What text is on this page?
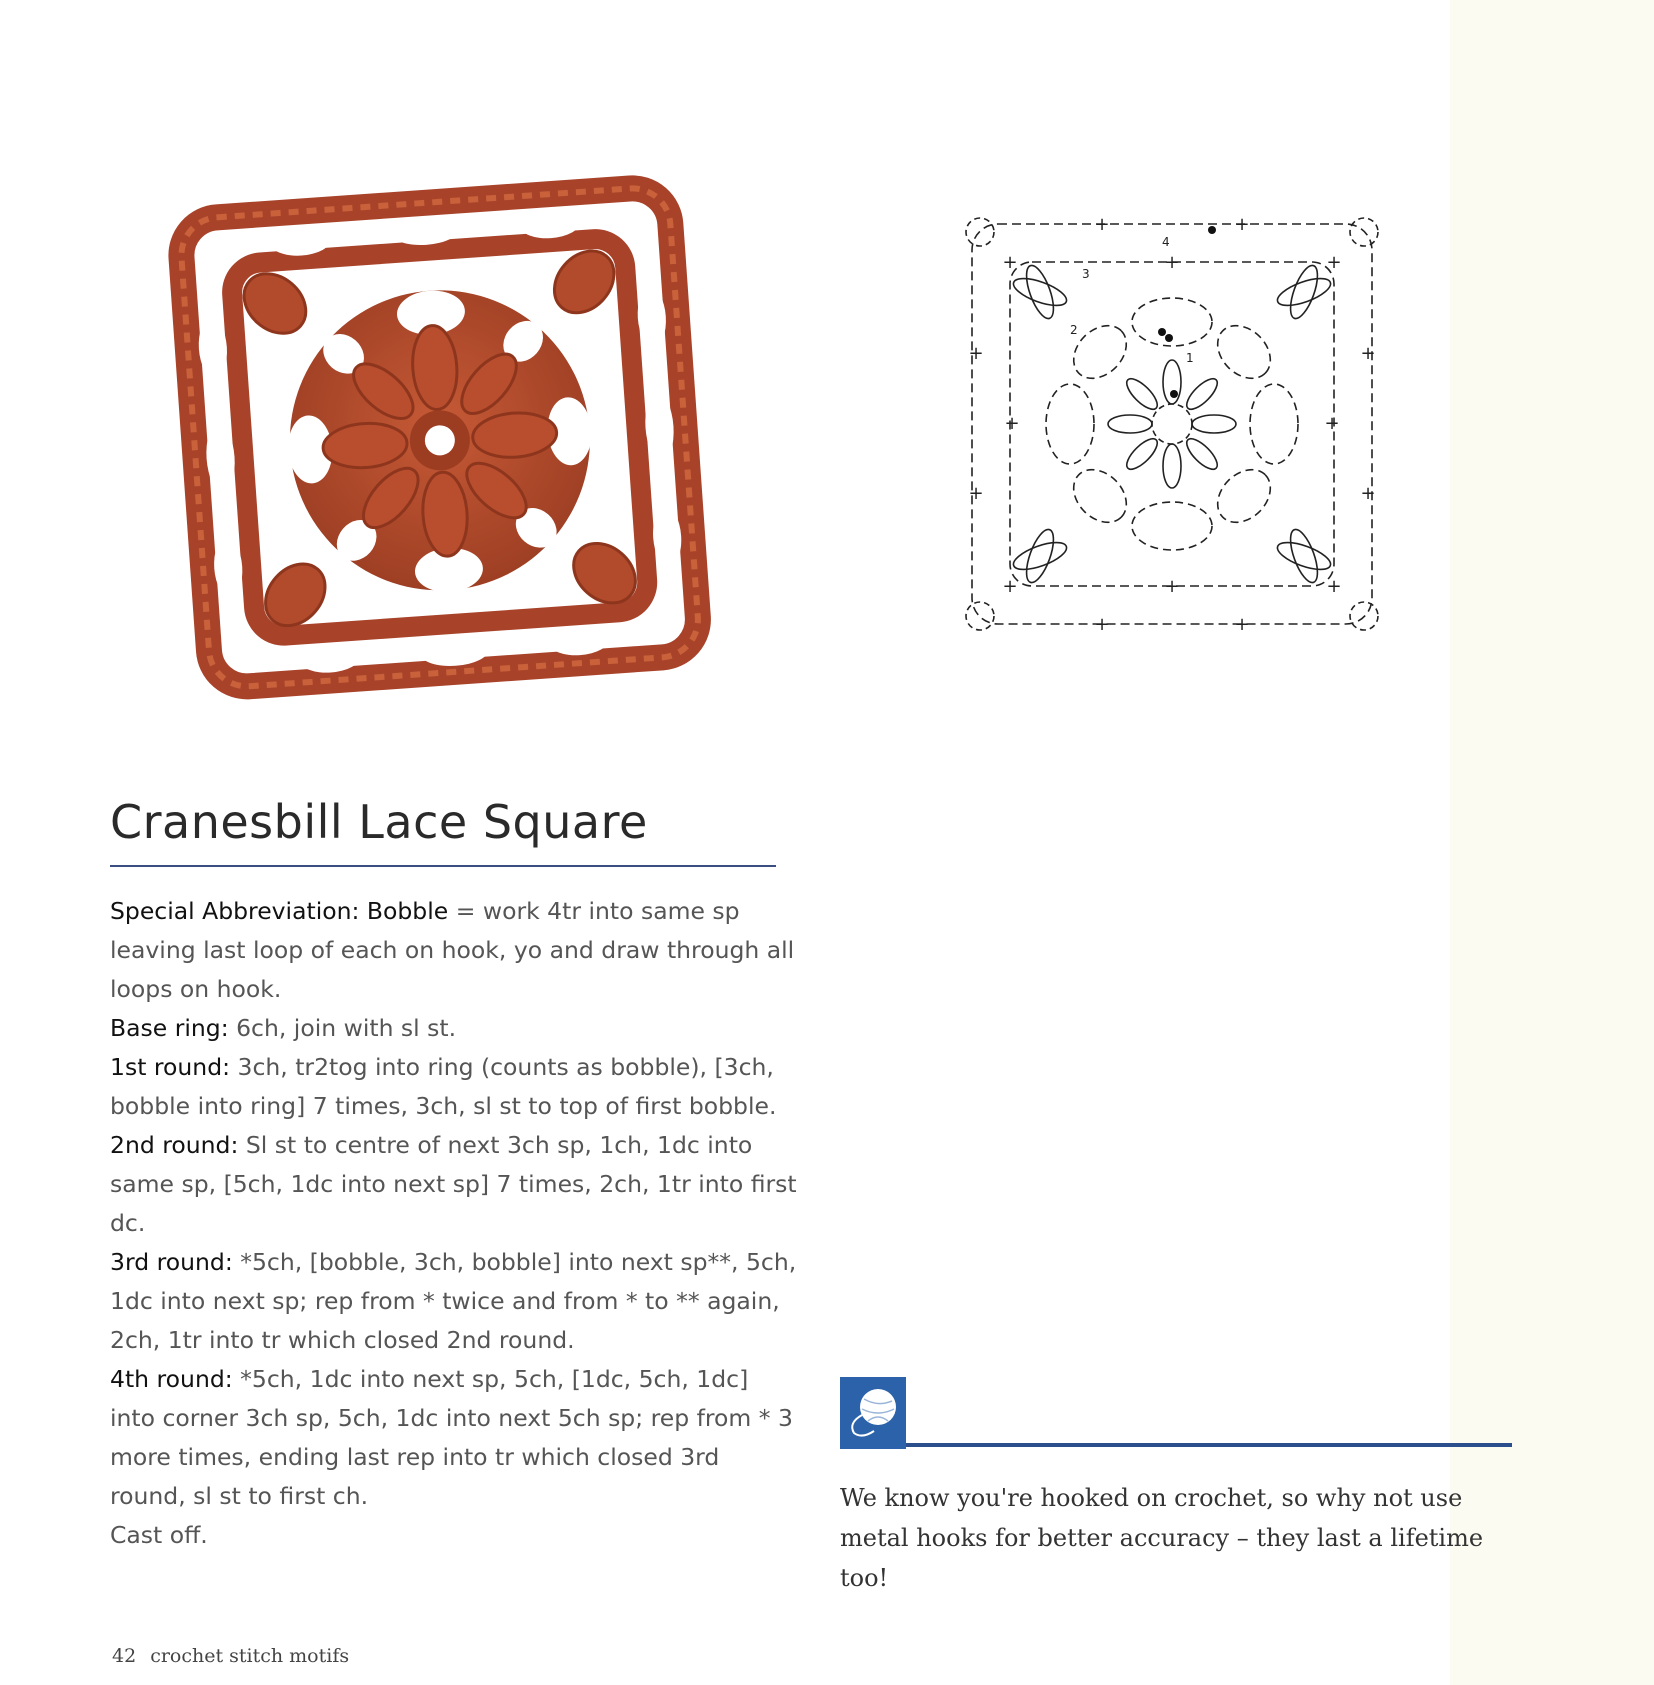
+	+
+	+
+
+
+
+
+	+
+	+
+
+
+	+
4
3
2
1
Cranesbill Lace Square

Special Abbreviation: Bobble = work 4tr into same sp leaving last loop of each on hook, yo and draw through all loops on hook.

Base ring: 6ch, join with sl st.

1st round: 3ch, tr2tog into ring (counts as bobble), [3ch, bobble into ring] 7 times, 3ch, sl st to top of first bobble.

2nd round: Sl st to centre of next 3ch sp, 1ch, 1dc into same sp, [5ch, 1dc into next sp] 7 times, 2ch, 1tr into first dc.

3rd round: *5ch, [bobble, 3ch, bobble] into next sp**, 5ch, 1dc into next sp; rep from * twice and from * to ** again, 2ch, 1tr into tr which closed 2nd round.

4th round: *5ch, 1dc into next sp, 5ch, [1dc, 5ch, 1dc] into corner 3ch sp, 5ch, 1dc into next 5ch sp; rep from * 3 more times, ending last rep into tr which closed 3rd round, sl st to first ch.

Cast off.

We know you're hooked on crochet, so why not use metal hooks for better accuracy – they last a lifetime too!

42 crochet stitch motifs
